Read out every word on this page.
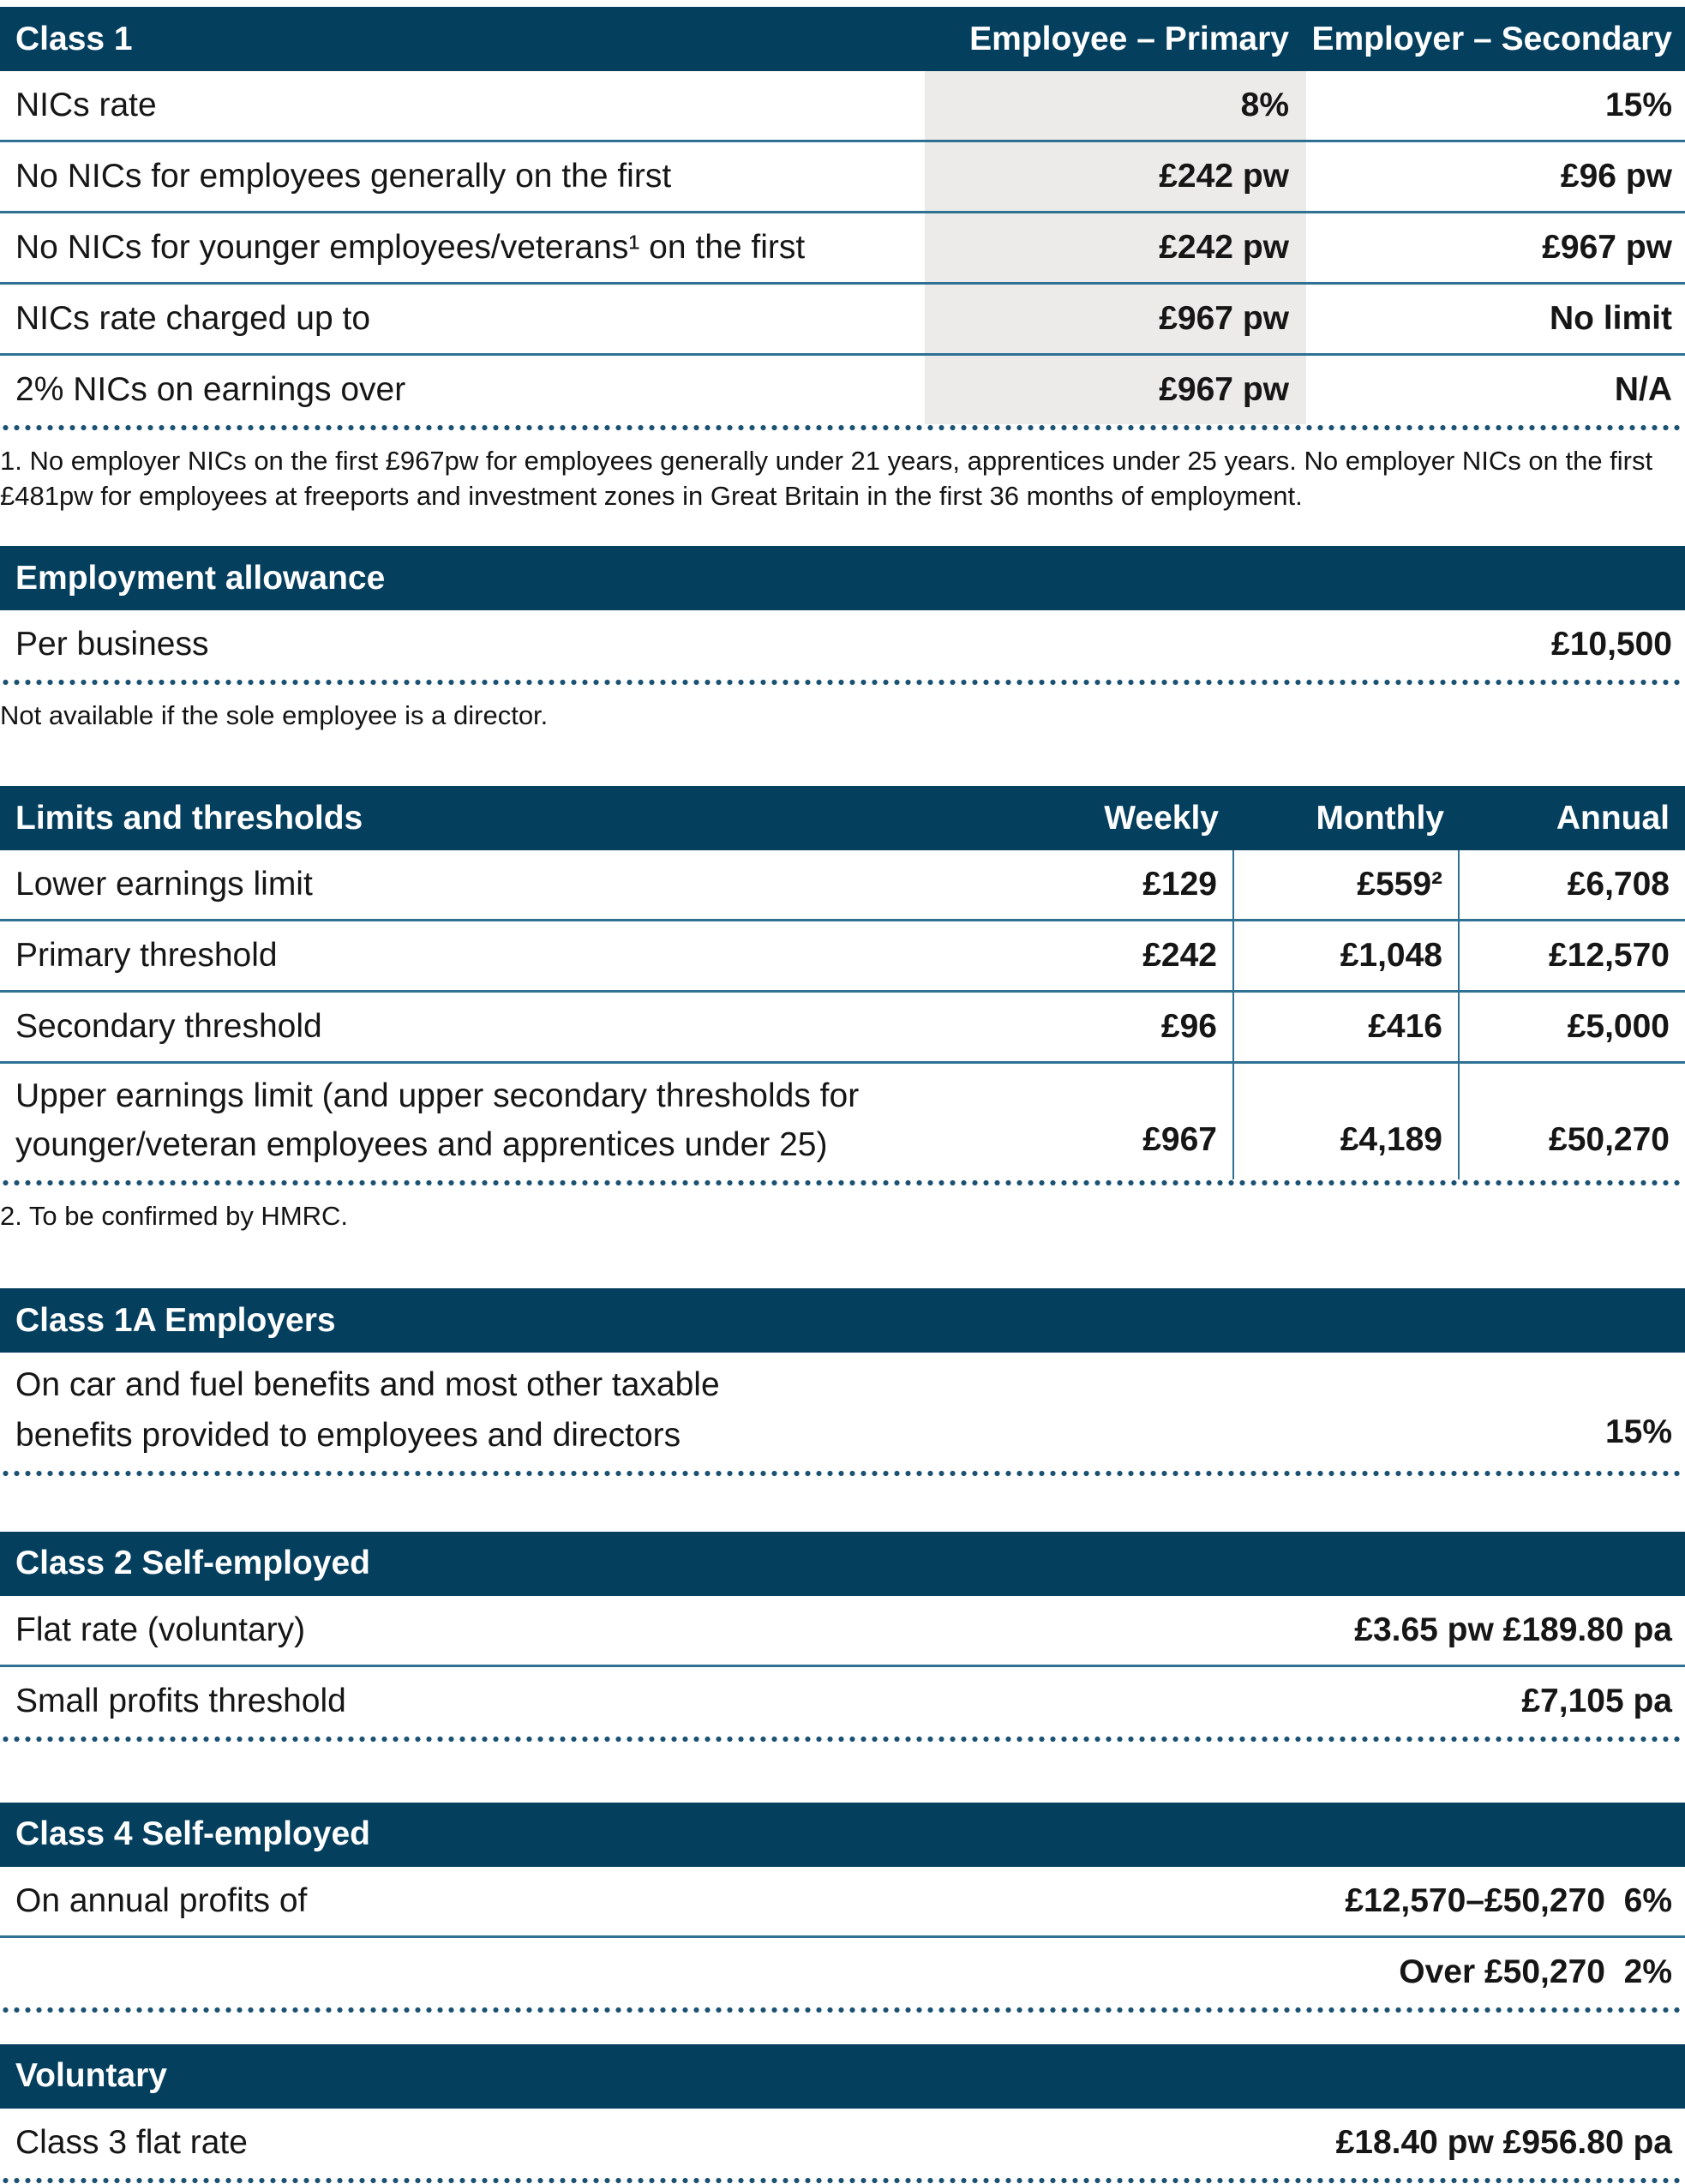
Class 1	Employee – Primary Employer – Secondary
NICs rate	8%	15%
No NICs for employees generally on the first	£242 pw	£96 pw
No NICs for younger employees/veterans¹ on the first	£242 pw	£967 pw
NICs rate charged up to	£967 pw	No limit
2% NICs on earnings over	£967 pw	N/A

1. No employer NICs on the first £967pw for employees generally under 21 years, apprentices under 25 years. No employer NICs on the first £481pw for employees at freeports and investment zones in Great Britain in the first 36 months of employment.

Employment allowance
Per business	£10,500

Not available if the sole employee is a director.

Limits and thresholds	Weekly	Monthly	Annual
Lower earnings limit	£129	£559²	£6,708
Primary threshold	£242	£1,048	£12,570
Secondary threshold	£96	£416	£5,000
Upper earnings limit (and upper secondary thresholds for younger/veteran employees and apprentices under 25)	£967	£4,189	£50,270

2. To be confirmed by HMRC.

Class 1A Employers
On car and fuel benefits and most other taxable benefits provided to employees and directors	15%
Class 2 Self-employed
Flat rate (voluntary)	£3.65 pw £189.80 pa
Small profits threshold	£7,105 pa
Class 4 Self-employed
On annual profits of	£12,570–£50,270  6%
Over £50,270  2%
Voluntary
Class 3 flat rate	£18.40 pw £956.80 pa
